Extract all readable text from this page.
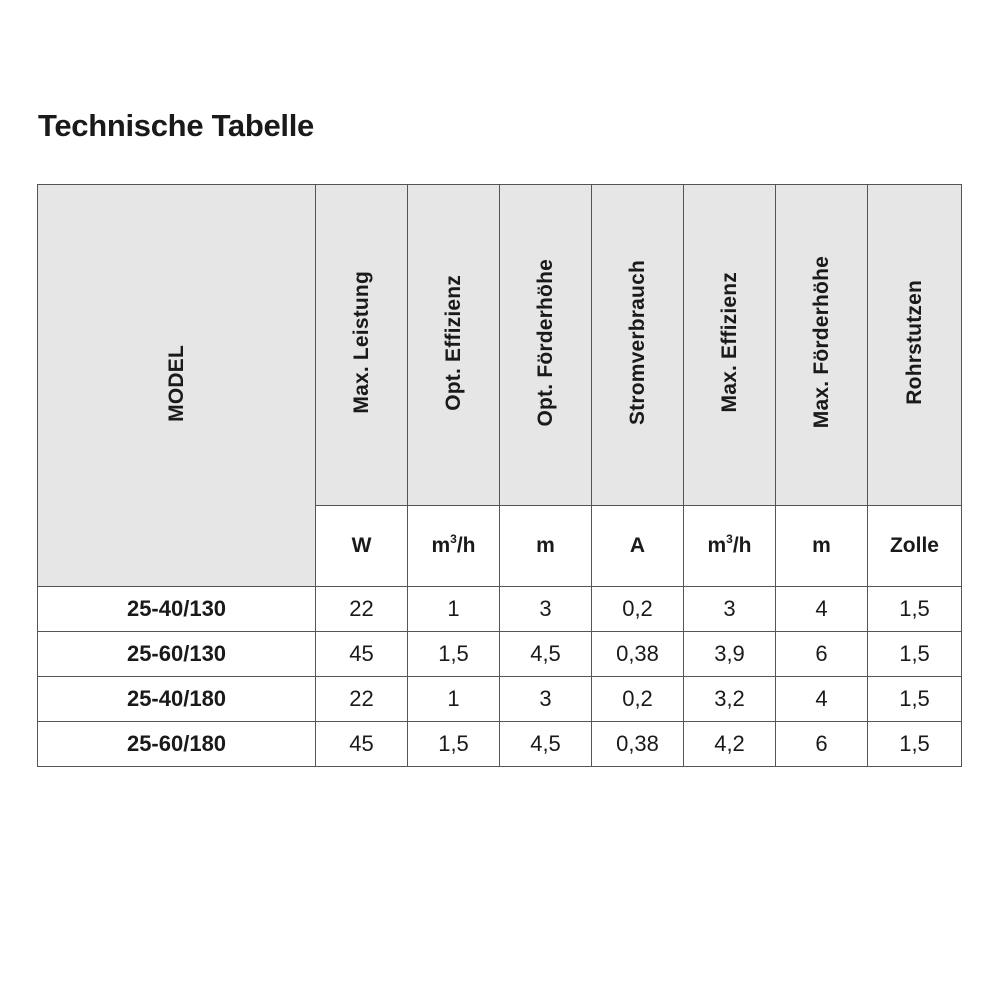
Technische Tabelle
MODEL	Max. Leistung	Opt. Effizienz	Opt. Förderhöhe	Stromverbrauch	Max. Effizienz	Max. Förderhöhe	Rohrstutzen
	W	$m^3/h$	m	A	$m^3/h$	m	Zolle
25-40/130	22	1	3	0,2	3	4	1,5
25-60/130	45	1,5	4,5	0,38	3,9	6	1,5
25-40/180	22	1	3	0,2	3,2	4	1,5
25-60/180	45	1,5	4,5	0,38	4,2	6	1,5
